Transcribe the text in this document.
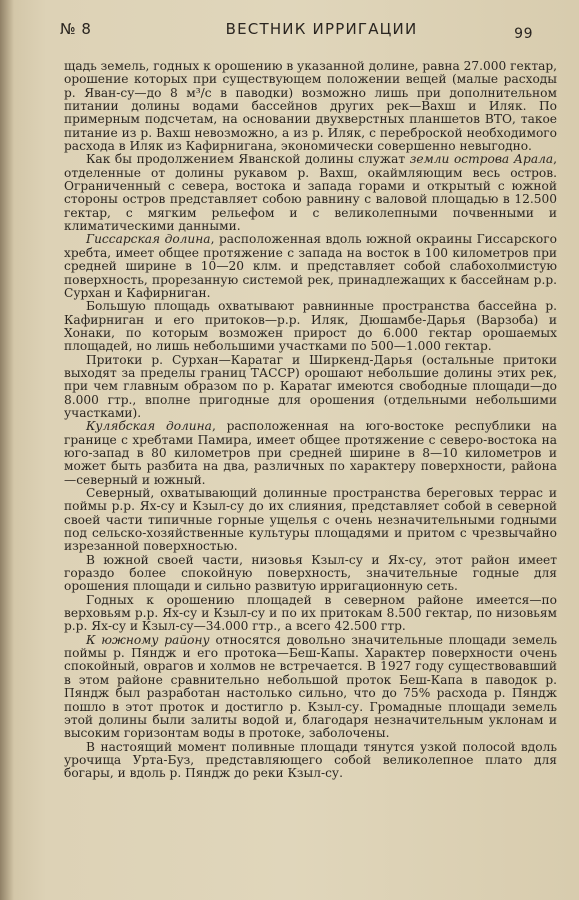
№ 8	ВЕСТНИК ИРРИГАЦИИ	99

щадь земель, годных к орошению в указанной долине, равна 27.000 гектар, орошение которых при существующем положении вещей (малые расходы р. Яван-су—до 8 м³/с в паводки) возможно лишь при дополнительном питании долины водами бассейнов других рек—Вахш и Иляк. По примерным подсчетам, на основании двухверстных планшетов ВТО, такое питание из р. Вахш невозможно, а из р. Иляк, с переброской необходимого расхода в Иляк из Кафирнигана, экономически совершенно невыгодно.

Как бы продолжением Яванской долины служат земли острова Арала, отделенные от долины рукавом р. Вахш, окаймляющим весь остров. Ограниченный с севера, востока и запада горами и открытый с южной стороны остров представляет собою равнину с валовой площадью в 12.500 гектар, с мягким рельефом и с великолепными почвенными и климатическими данными.

Гиссарская долина, расположенная вдоль южной окраины Гиссарского хребта, имеет общее протяжение с запада на восток в 100 километров при средней ширине в 10—20 клм. и представляет собой слабохолмистую поверхность, прорезанную системой рек, принадлежащих к бассейнам р.р. Сурхан и Кафирниган.

Большую площадь охватывают равнинные пространства бассейна р. Кафирниган и его притоков—р.р. Иляк, Дюшамбе-Дарья (Варзоба) и Хонаки, по которым возможен прирост до 6.000 гектар орошаемых площадей, но лишь небольшими участками по 500—1.000 гектар.

Притоки р. Сурхан—Каратаг и Ширкенд-Дарья (остальные притоки выходят за пределы границ ТАССР) орошают небольшие долины этих рек, при чем главным образом по р. Каратаг имеются свободные площади—до 8.000 гтр., вполне пригодные для орошения (отдельными небольшими участками).

Кулябская долина, расположенная на юго-востоке республики на границе с хребтами Памира, имеет общее протяжение с северо-востока на юго-запад в 80 километров при средней ширине в 8—10 километров и может быть разбита на два, различных по характеру поверхности, района—северный и южный.

Северный, охватывающий долинные пространства береговых террас и поймы р.р. Ях-су и Кзыл-су до их слияния, представляет собой в северной своей части типичные горные ущелья с очень незначительными годными под сельско-хозяйственные культуры площадями и притом с чрезвычайно изрезанной поверхностью.

В южной своей части, низовья Кзыл-су и Ях-су, этот район имеет гораздо более спокойную поверхность, значительные годные для орошения площади и сильно развитую ирригационную сеть.

Годных к орошению площадей в северном районе имеется—по верховьям р.р. Ях-су и Кзыл-су и по их притокам 8.500 гектар, по низовьям р.р. Ях-су и Кзыл-су—34.000 гтр., а всего 42.500 гтр.

К южному району относятся довольно значительные площади земель поймы р. Пяндж и его протока—Беш-Капы. Характер поверхности очень спокойный, оврагов и холмов не встречается. В 1927 году существовавший в этом районе сравнительно небольшой проток Беш-Капа в паводок р. Пяндж был разработан настолько сильно, что до 75% расхода р. Пяндж пошло в этот проток и достигло р. Кзыл-су. Громадные площади земель этой долины были залиты водой и, благодаря незначительным уклонам и высоким горизонтам воды в протоке, заболочены.

В настоящий момент поливные площади тянутся узкой полосой вдоль урочища Урта-Буз, представляющего собой великолепное плато для богары, и вдоль р. Пяндж до реки Кзыл-су.
